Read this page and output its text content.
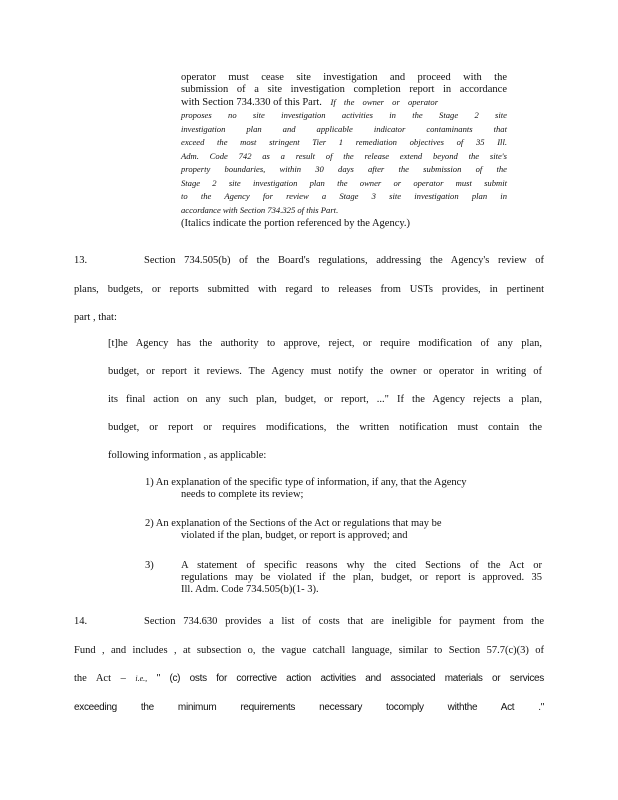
operator must cease site investigation and proceed with the
submission of a site investigation completion report in accordance
with Section 734.330 of this Part. If the owner or operator
proposes no site investigation activities in the Stage 2 site
investigation plan and applicable indicator contaminants that
exceed the most stringent Tier 1 remediation objectives of 35 Ill.
Adm. Code 742 as a result of the release extend beyond the site's
property boundaries, within 30 days after the submission of the
Stage 2 site investigation plan the owner or operator must submit
to the Agency for review a Stage 3 site investigation plan in
accordance with Section 734.325 of this Part.
(Italics indicate the portion referenced by the Agency.)
13.	Section 734.505(b) of the Board's regulations, addressing the Agency's review of
plans, budgets, or reports submitted with regard to releases from USTs provides, in pertinent
part , that:
[t]he Agency has the authority to approve, reject, or require modification of any plan,
budget, or report it reviews. The Agency must notify the owner or operator in writing of
its final action on any such plan, budget, or report, ..." If the Agency rejects a plan,
budget, or report or requires modifications, the written notification must contain the
following information , as applicable:
1) An explanation of the specific type of information, if any, that the Agency
needs to complete its review;
2) An explanation of the Sections of the Act or regulations that may be
violated if the plan, budget, or report is approved; and
3)	A statement of specific reasons why the cited Sections of the Act or
regulations may be violated if the plan, budget, or report is approved. 35
Ill. Adm. Code 734.505(b)(1- 3).
14.	Section 734.630 provides a list of costs that are ineligible for payment from the
Fund , and includes , at subsection o, the vague catchall language, similar to Section 57.7(c)(3) of
the Act – i.e., " (c) osts for corrective action activities and associated materials or services
exceeding the minimum requirements necessary tocomply withthe Act ."
